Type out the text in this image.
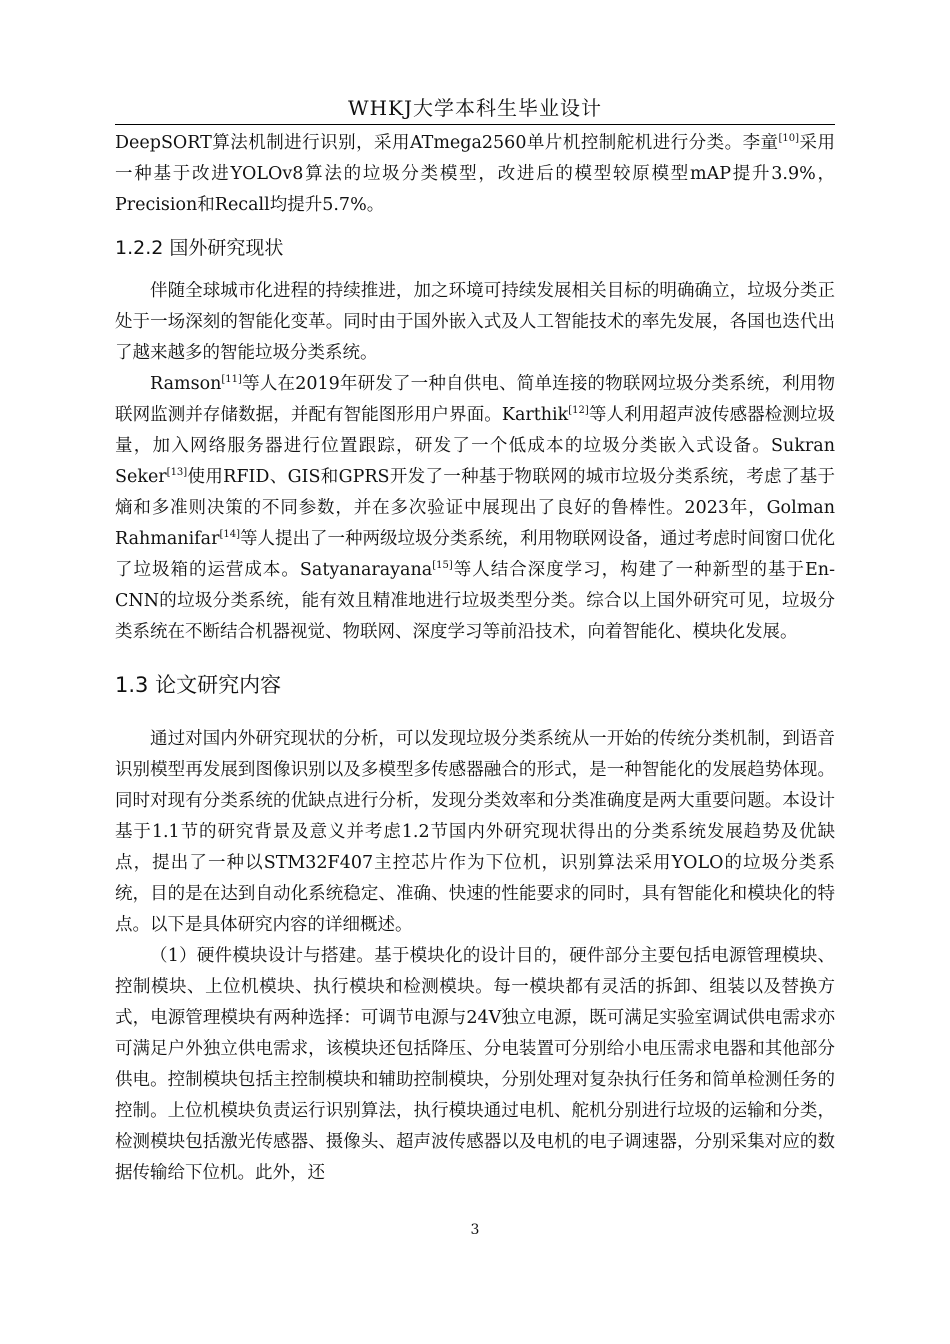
WHKJ大学本科生毕业设计

DeepSORT算法机制进行识别，采用ATmega2560单片机控制舵机进行分类。李童[10]采用一种基于改进YOLOv8算法的垃圾分类模型，改进后的模型较原模型mAP提升3.9%，Precision和Recall均提升5.7%。

1.2.2 国外研究现状

伴随全球城市化进程的持续推进，加之环境可持续发展相关目标的明确确立，垃圾分类正处于一场深刻的智能化变革。同时由于国外嵌入式及人工智能技术的率先发展，各国也迭代出了越来越多的智能垃圾分类系统。

Ramson[11]等人在2019年研发了一种自供电、简单连接的物联网垃圾分类系统，利用物联网监测并存储数据，并配有智能图形用户界面。Karthik[12]等人利用超声波传感器检测垃圾量，加入网络服务器进行位置跟踪，研发了一个低成本的垃圾分类嵌入式设备。Sukran Seker[13]使用RFID、GIS和GPRS开发了一种基于物联网的城市垃圾分类系统，考虑了基于熵和多准则决策的不同参数，并在多次验证中展现出了良好的鲁棒性。2023年，Golman Rahmanifar[14]等人提出了一种两级垃圾分类系统，利用物联网设备，通过考虑时间窗口优化了垃圾箱的运营成本。Satyanarayana[15]等人结合深度学习，构建了一种新型的基于En-CNN的垃圾分类系统，能有效且精准地进行垃圾类型分类。综合以上国外研究可见，垃圾分类系统在不断结合机器视觉、物联网、深度学习等前沿技术，向着智能化、模块化发展。

1.3 论文研究内容

通过对国内外研究现状的分析，可以发现垃圾分类系统从一开始的传统分类机制，到语音识别模型再发展到图像识别以及多模型多传感器融合的形式，是一种智能化的发展趋势体现。同时对现有分类系统的优缺点进行分析，发现分类效率和分类准确度是两大重要问题。本设计基于1.1节的研究背景及意义并考虑1.2节国内外研究现状得出的分类系统发展趋势及优缺点，提出了一种以STM32F407主控芯片作为下位机，识别算法采用YOLO的垃圾分类系统，目的是在达到自动化系统稳定、准确、快速的性能要求的同时，具有智能化和模块化的特点。以下是具体研究内容的详细概述。

（1）硬件模块设计与搭建。基于模块化的设计目的，硬件部分主要包括电源管理模块、控制模块、上位机模块、执行模块和检测模块。每一模块都有灵活的拆卸、组装以及替换方式，电源管理模块有两种选择：可调节电源与24V独立电源，既可满足实验室调试供电需求亦可满足户外独立供电需求，该模块还包括降压、分电装置可分别给小电压需求电器和其他部分供电。控制模块包括主控制模块和辅助控制模块，分别处理对复杂执行任务和简单检测任务的控制。上位机模块负责运行识别算法，执行模块通过电机、舵机分别进行垃圾的运输和分类，检测模块包括激光传感器、摄像头、超声波传感器以及电机的电子调速器，分别采集对应的数据传输给下位机。此外，还

3
